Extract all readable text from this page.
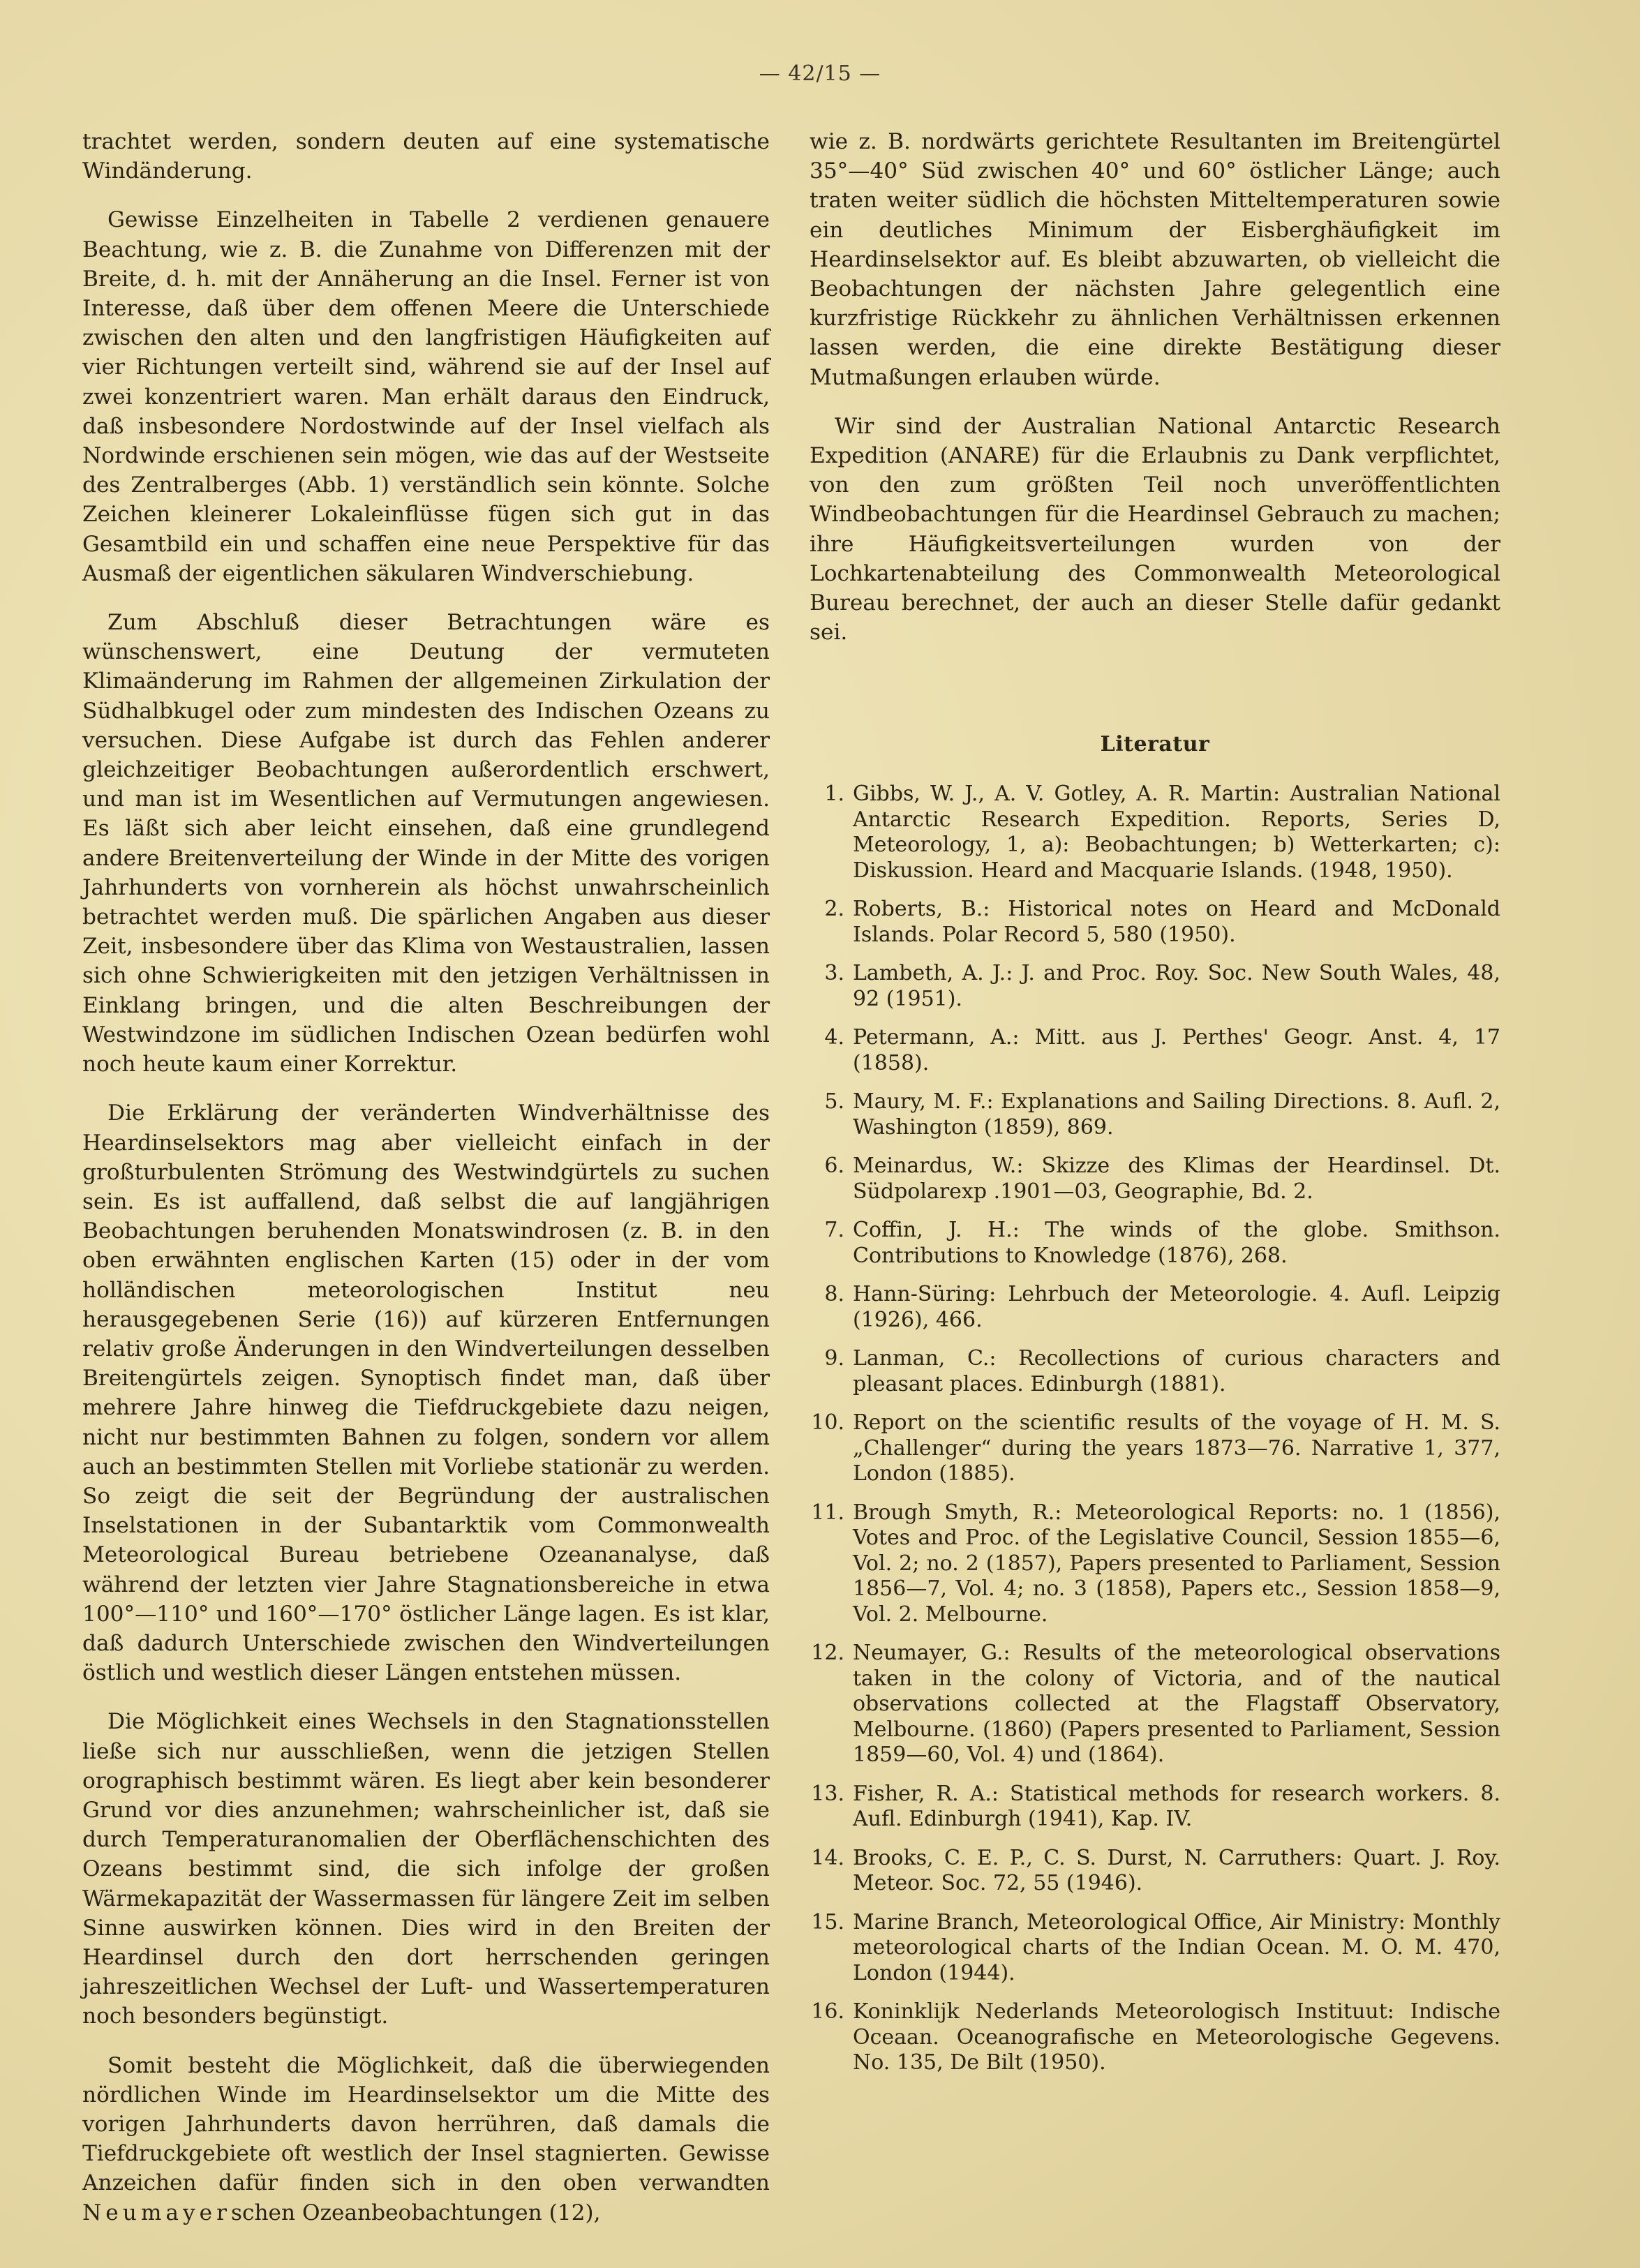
— 42/15 —

trachtet werden, sondern deuten auf eine systematische Windänderung.

Gewisse Einzelheiten in Tabelle 2 verdienen genauere Beachtung, wie z. B. die Zunahme von Differenzen mit der Breite, d. h. mit der Annäherung an die Insel. Ferner ist von Interesse, daß über dem offenen Meere die Unterschiede zwischen den alten und den langfristigen Häufigkeiten auf vier Richtungen verteilt sind, während sie auf der Insel auf zwei konzentriert waren. Man erhält daraus den Eindruck, daß insbesondere Nordostwinde auf der Insel vielfach als Nordwinde erschienen sein mögen, wie das auf der Westseite des Zentralberges (Abb. 1) verständlich sein könnte. Solche Zeichen kleinerer Lokaleinflüsse fügen sich gut in das Gesamtbild ein und schaffen eine neue Perspektive für das Ausmaß der eigentlichen säkularen Windverschiebung.

Zum Abschluß dieser Betrachtungen wäre es wünschenswert, eine Deutung der vermuteten Klimaänderung im Rahmen der allgemeinen Zirkulation der Südhalbkugel oder zum mindesten des Indischen Ozeans zu versuchen. Diese Aufgabe ist durch das Fehlen anderer gleichzeitiger Beobachtungen außerordentlich erschwert, und man ist im Wesentlichen auf Vermutungen angewiesen. Es läßt sich aber leicht einsehen, daß eine grundlegend andere Breitenverteilung der Winde in der Mitte des vorigen Jahrhunderts von vornherein als höchst unwahrscheinlich betrachtet werden muß. Die spärlichen Angaben aus dieser Zeit, insbesondere über das Klima von Westaustralien, lassen sich ohne Schwierigkeiten mit den jetzigen Verhältnissen in Einklang bringen, und die alten Beschreibungen der Westwindzone im südlichen Indischen Ozean bedürfen wohl noch heute kaum einer Korrektur.

Die Erklärung der veränderten Windverhältnisse des Heardinselsektors mag aber vielleicht einfach in der großturbulenten Strömung des Westwindgürtels zu suchen sein. Es ist auffallend, daß selbst die auf langjährigen Beobachtungen beruhenden Monatswindrosen (z. B. in den oben erwähnten englischen Karten (15) oder in der vom holländischen meteorologischen Institut neu herausgegebenen Serie (16)) auf kürzeren Entfernungen relativ große Änderungen in den Windverteilungen desselben Breitengürtels zeigen. Synoptisch findet man, daß über mehrere Jahre hinweg die Tiefdruckgebiete dazu neigen, nicht nur bestimmten Bahnen zu folgen, sondern vor allem auch an bestimmten Stellen mit Vorliebe stationär zu werden. So zeigt die seit der Begründung der australischen Inselstationen in der Subantarktik vom Commonwealth Meteorological Bureau betriebene Ozeananalyse, daß während der letzten vier Jahre Stagnationsbereiche in etwa 100°—110° und 160°—170° östlicher Länge lagen. Es ist klar, daß dadurch Unterschiede zwischen den Windverteilungen östlich und westlich dieser Längen entstehen müssen.

Die Möglichkeit eines Wechsels in den Stagnationsstellen ließe sich nur ausschließen, wenn die jetzigen Stellen orographisch bestimmt wären. Es liegt aber kein besonderer Grund vor dies anzunehmen; wahrscheinlicher ist, daß sie durch Temperaturanomalien der Oberflächenschichten des Ozeans bestimmt sind, die sich infolge der großen Wärmekapazität der Wassermassen für längere Zeit im selben Sinne auswirken können. Dies wird in den Breiten der Heardinsel durch den dort herrschenden geringen jahreszeitlichen Wechsel der Luft- und Wassertemperaturen noch besonders begünstigt.

Somit besteht die Möglichkeit, daß die überwiegenden nördlichen Winde im Heardinselsektor um die Mitte des vorigen Jahrhunderts davon herrühren, daß damals die Tiefdruckgebiete oft westlich der Insel stagnierten. Gewisse Anzeichen dafür finden sich in den oben verwandten Neumayerschen Ozeanbeobachtungen (12),

wie z. B. nordwärts gerichtete Resultanten im Breitengürtel 35°—40° Süd zwischen 40° und 60° östlicher Länge; auch traten weiter südlich die höchsten Mitteltemperaturen sowie ein deutliches Minimum der Eisberghäufigkeit im Heardinselsektor auf. Es bleibt abzuwarten, ob vielleicht die Beobachtungen der nächsten Jahre gelegentlich eine kurzfristige Rückkehr zu ähnlichen Verhältnissen erkennen lassen werden, die eine direkte Bestätigung dieser Mutmaßungen erlauben würde.

Wir sind der Australian National Antarctic Research Expedition (ANARE) für die Erlaubnis zu Dank verpflichtet, von den zum größten Teil noch unveröffentlichten Windbeobachtungen für die Heardinsel Gebrauch zu machen; ihre Häufigkeitsverteilungen wurden von der Lochkartenabteilung des Commonwealth Meteorological Bureau berechnet, der auch an dieser Stelle dafür gedankt sei.

Literatur
1. Gibbs, W. J., A. V. Gotley, A. R. Martin: Australian National Antarctic Research Expedition. Reports, Series D, Meteorology, 1, a): Beobachtungen; b) Wetterkarten; c): Diskussion. Heard and Macquarie Islands. (1948, 1950).
2. Roberts, B.: Historical notes on Heard and McDonald Islands. Polar Record 5, 580 (1950).
3. Lambeth, A. J.: J. and Proc. Roy. Soc. New South Wales, 48, 92 (1951).
4. Petermann, A.: Mitt. aus J. Perthes' Geogr. Anst. 4, 17 (1858).
5. Maury, M. F.: Explanations and Sailing Directions. 8. Aufl. 2, Washington (1859), 869.
6. Meinardus, W.: Skizze des Klimas der Heardinsel. Dt. Südpolarexp .1901—03, Geographie, Bd. 2.
7. Coffin, J. H.: The winds of the globe. Smithson. Contributions to Knowledge (1876), 268.
8. Hann-Süring: Lehrbuch der Meteorologie. 4. Aufl. Leipzig (1926), 466.
9. Lanman, C.: Recollections of curious characters and pleasant places. Edinburgh (1881).
10. Report on the scientific results of the voyage of H. M. S. „Challenger“ during the years 1873—76. Narrative 1, 377, London (1885).
11. Brough Smyth, R.: Meteorological Reports: no. 1 (1856), Votes and Proc. of the Legislative Council, Session 1855—6, Vol. 2; no. 2 (1857), Papers presented to Parliament, Session 1856—7, Vol. 4; no. 3 (1858), Papers etc., Session 1858—9, Vol. 2. Melbourne.
12. Neumayer, G.: Results of the meteorological observations taken in the colony of Victoria, and of the nautical observations collected at the Flagstaff Observatory, Melbourne. (1860) (Papers presented to Parliament, Session 1859—60, Vol. 4) und (1864).
13. Fisher, R. A.: Statistical methods for research workers. 8. Aufl. Edinburgh (1941), Kap. IV.
14. Brooks, C. E. P., C. S. Durst, N. Carruthers: Quart. J. Roy. Meteor. Soc. 72, 55 (1946).
15. Marine Branch, Meteorological Office, Air Ministry: Monthly meteorological charts of the Indian Ocean. M. O. M. 470, London (1944).
16. Koninklijk Nederlands Meteorologisch Instituut: Indische Oceaan. Oceanografische en Meteorologische Gegevens. No. 135, De Bilt (1950).
